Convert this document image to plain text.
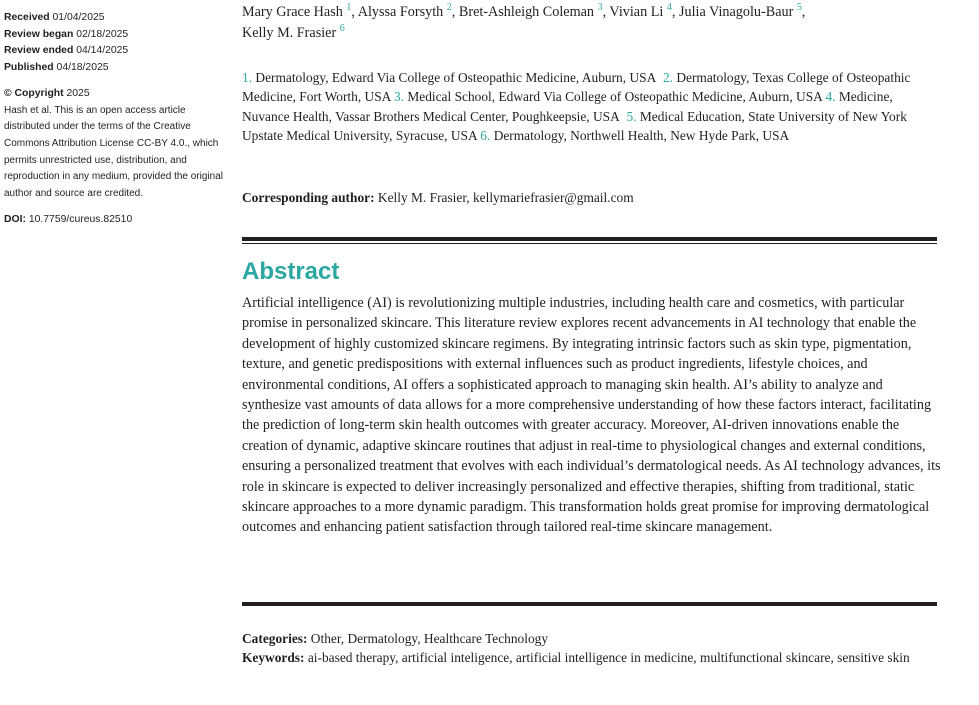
Received 01/04/2025
Review began 02/18/2025
Review ended 04/14/2025
Published 04/18/2025
© Copyright 2025
Hash et al. This is an open access article distributed under the terms of the Creative Commons Attribution License CC-BY 4.0., which permits unrestricted use, distribution, and reproduction in any medium, provided the original author and source are credited.
DOI: 10.7759/cureus.82510
Mary Grace Hash $^1$, Alyssa Forsyth $^2$, Bret-Ashleigh Coleman $^3$, Vivian Li $^4$, Julia Vinagolu-Baur $^5$,
Kelly M. Frasier $^6$
1. Dermatology, Edward Via College of Osteopathic Medicine, Auburn, USA 2. Dermatology, Texas College of Osteopathic Medicine, Fort Worth, USA 3. Medical School, Edward Via College of Osteopathic Medicine, Auburn, USA 4. Medicine, Nuvance Health, Vassar Brothers Medical Center, Poughkeepsie, USA 5. Medical Education, State University of New York Upstate Medical University, Syracuse, USA 6. Dermatology, Northwell Health, New Hyde Park, USA
Corresponding author: Kelly M. Frasier, kellymariefrasier@gmail.com
Abstract
Artificial intelligence (AI) is revolutionizing multiple industries, including health care and cosmetics, with particular promise in personalized skincare. This literature review explores recent advancements in AI technology that enable the development of highly customized skincare regimens. By integrating intrinsic factors such as skin type, pigmentation, texture, and genetic predispositions with external influences such as product ingredients, lifestyle choices, and environmental conditions, AI offers a sophisticated approach to managing skin health. AI’s ability to analyze and synthesize vast amounts of data allows for a more comprehensive understanding of how these factors interact, facilitating the prediction of long-term skin health outcomes with greater accuracy. Moreover, AI-driven innovations enable the creation of dynamic, adaptive skincare routines that adjust in real-time to physiological changes and external conditions, ensuring a personalized treatment that evolves with each individual’s dermatological needs. As AI technology advances, its role in skincare is expected to deliver increasingly personalized and effective therapies, shifting from traditional, static skincare approaches to a more dynamic paradigm. This transformation holds great promise for improving dermatological outcomes and enhancing patient satisfaction through tailored real-time skincare management.
Categories: Other, Dermatology, Healthcare Technology
Keywords: ai-based therapy, artificial inteligence, artificial intelligence in medicine, multifunctional skincare, sensitive skin
